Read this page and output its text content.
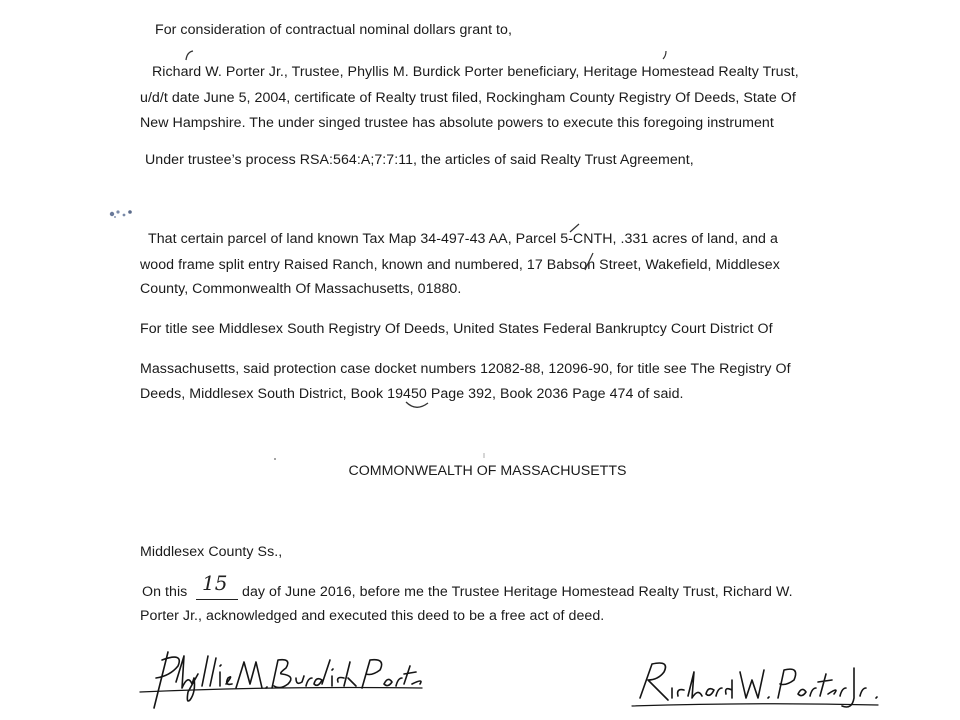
For consideration of contractual nominal dollars grant to,
Richard W. Porter Jr., Trustee, Phyllis M. Burdick Porter beneficiary, Heritage Homestead Realty Trust,
u/d/t date June 5, 2004, certificate of Realty trust filed, Rockingham County Registry Of Deeds, State Of
New Hampshire. The under singed trustee has absolute powers to execute this foregoing instrument
Under trustee’s process RSA:564:A;7:7:11, the articles of said Realty Trust Agreement,
That certain parcel of land known Tax Map 34-497-43 AA, Parcel 5-CNTH, .331 acres of land, and a
wood frame split entry Raised Ranch, known and numbered, 17 Babson Street, Wakefield, Middlesex
County, Commonwealth Of Massachusetts, 01880.
For title see Middlesex South Registry Of Deeds, United States Federal Bankruptcy Court District Of
Massachusetts, said protection case docket numbers 12082-88, 12096-90, for title see The Registry Of
Deeds, Middlesex South District, Book 19450 Page 392, Book 2036 Page 474 of said.
COMMONWEALTH OF MASSACHUSETTS
Middlesex County Ss.,
On this 15 day of June 2016, before me the Trustee Heritage Homestead Realty Trust, Richard W.
Porter Jr., acknowledged and executed this deed to be a free act of deed.
